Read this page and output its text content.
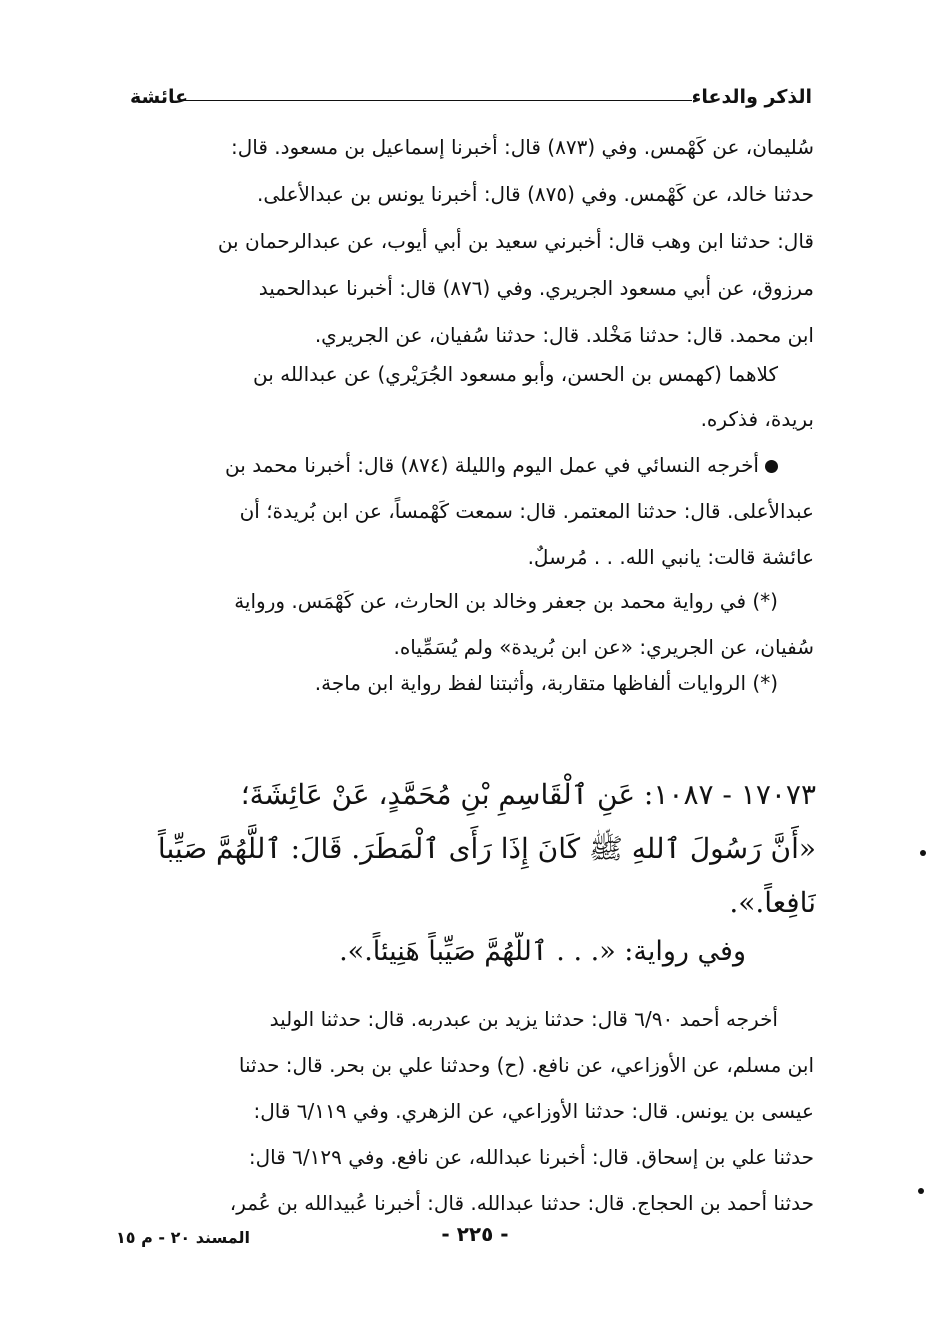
الذكر والدعاء
عائشة
سُليمان، عن كَهْمس. وفي (٨٧٣) قال: أخبرنا إسماعيل بن مسعود. قال:
حدثنا خالد، عن كَهْمس. وفي (٨٧٥) قال: أخبرنا يونس بن عبدالأعلى.
قال: حدثنا ابن وهب قال: أخبرني سعيد بن أبي أيوب، عن عبدالرحمان بن
مرزوق، عن أبي مسعود الجريري. وفي (٨٧٦) قال: أخبرنا عبدالحميد
ابن محمد. قال: حدثنا مَخْلد. قال: حدثنا سُفيان، عن الجريري.
كلاهما (كهمس بن الحسن، وأبو مسعود الجُرَيْري) عن عبدالله بن
بريدة، فذكره.
أخرجه النسائي في عمل اليوم والليلة (٨٧٤) قال: أخبرنا محمد بن
عبدالأعلى. قال: حدثنا المعتمر. قال: سمعت كَهْمساً، عن ابن بُريدة؛ أن
عائشة قالت: يانبي الله. . . مُرسلٌ.
(*) في رواية محمد بن جعفر وخالد بن الحارث، عن كَهْمَس. ورواية
سُفيان، عن الجريري: «عن ابن بُريدة» ولم يُسَمِّياه.
(*) الروايات ألفاظها متقاربة، وأثبتنا لفظ رواية ابن ماجة.
١٧٠٧٣ - ١٠٨٧: عَنِ ٱلْقَاسِمِ بْنِ مُحَمَّدٍ، عَنْ عَائِشَةَ؛
«أَنَّ رَسُولَ ٱللهِ ﷺ كَانَ إِذَا رَأَى ٱلْمَطَرَ. قَالَ: ٱللَّهُمَّ صَيِّباً
نَافِعاً.».
وفي رواية: «. . . ٱللَّهُمَّ صَيِّباً هَنِيئاً.».
أخرجه أحمد ٦/٩٠ قال: حدثنا يزيد بن عبدربه. قال: حدثنا الوليد
ابن مسلم، عن الأوزاعي، عن نافع. (ح) وحدثنا علي بن بحر. قال: حدثنا
عيسى بن يونس. قال: حدثنا الأوزاعي، عن الزهري. وفي ٦/١١٩ قال:
حدثنا علي بن إسحاق. قال: أخبرنا عبدالله، عن نافع. وفي ٦/١٢٩ قال:
حدثنا أحمد بن الحجاج. قال: حدثنا عبدالله. قال: أخبرنا عُبيدالله بن عُمر،
المسند ٢٠ - م ١٥	- ٢٢٥ -
